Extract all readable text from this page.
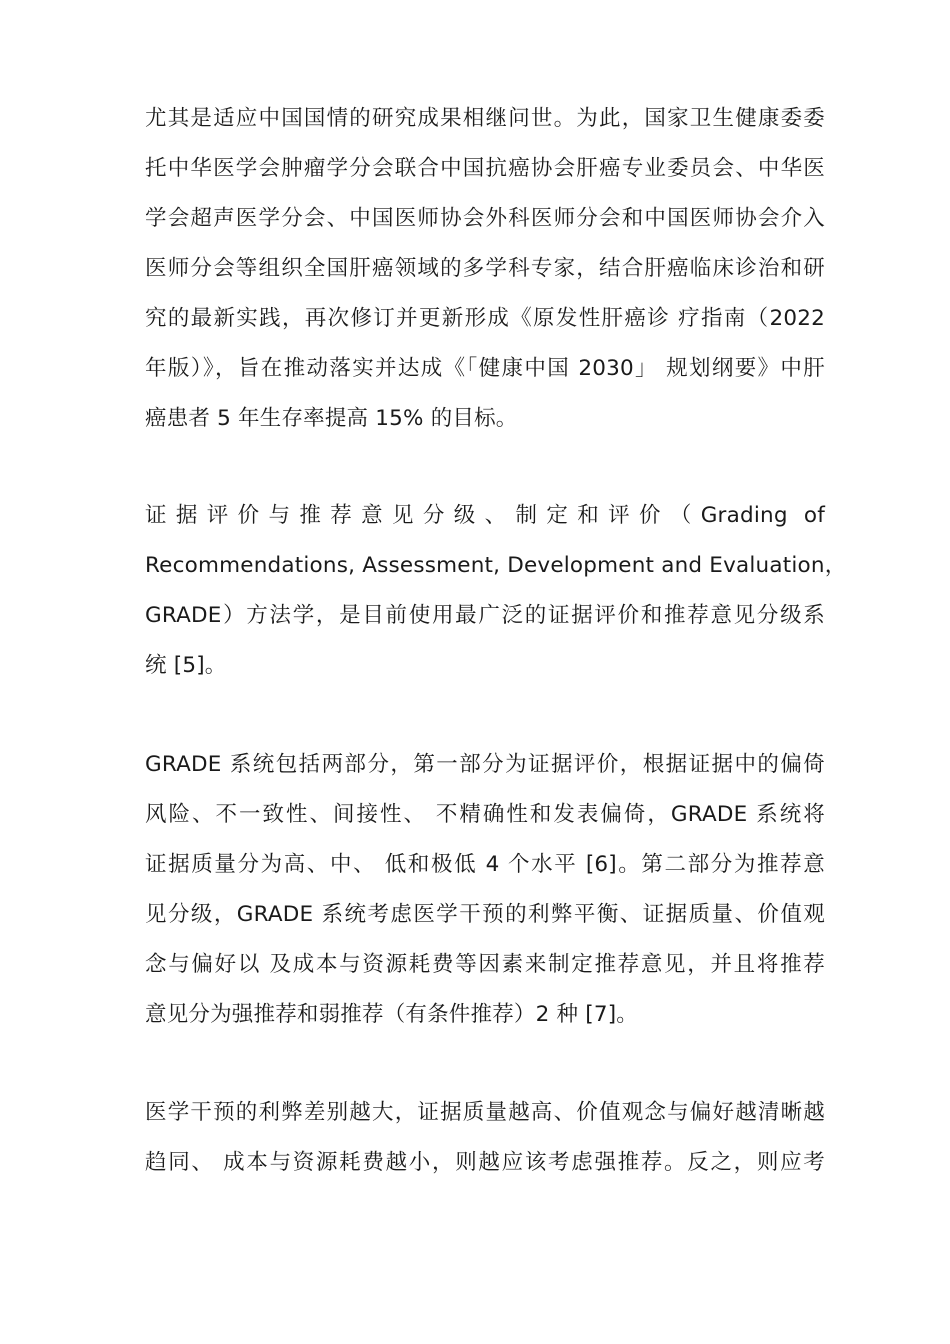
尤其是适应中国国情的研究成果相继问世。为此，国家卫生健康委委
托中华医学会肿瘤学分会联合中国抗癌协会肝癌专业委员会、中华医
学会超声医学分会、中国医师协会外科医师分会和中国医师协会介入
医师分会等组织全国肝癌领域的多学科专家，结合肝癌临床诊治和研
究的最新实践，再次修订并更新形成《原发性肝癌诊 疗指南（2022
年版）》，旨在推动落实并达成《「健康中国 2030」 规划纲要》中肝
癌患者 5 年生存率提高 15% 的目标。
证据评价与推荐意见分级、制定和评价（Grading of
Recommendations, Assessment, Development and Evaluation，
GRADE）方法学，是目前使用最广泛的证据评价和推荐意见分级系
统 [5]。
GRADE 系统包括两部分，第一部分为证据评价，根据证据中的偏倚
风险、不一致性、间接性、 不精确性和发表偏倚，GRADE 系统将
证据质量分为高、中、 低和极低 4 个水平 [6]。第二部分为推荐意
见分级，GRADE 系统考虑医学干预的利弊平衡、证据质量、价值观
念与偏好以 及成本与资源耗费等因素来制定推荐意见，并且将推荐
意见分为强推荐和弱推荐（有条件推荐）2 种 [7]。
医学干预的利弊差别越大，证据质量越高、价值观念与偏好越清晰越
趋同、 成本与资源耗费越小，则越应该考虑强推荐。反之，则应考
